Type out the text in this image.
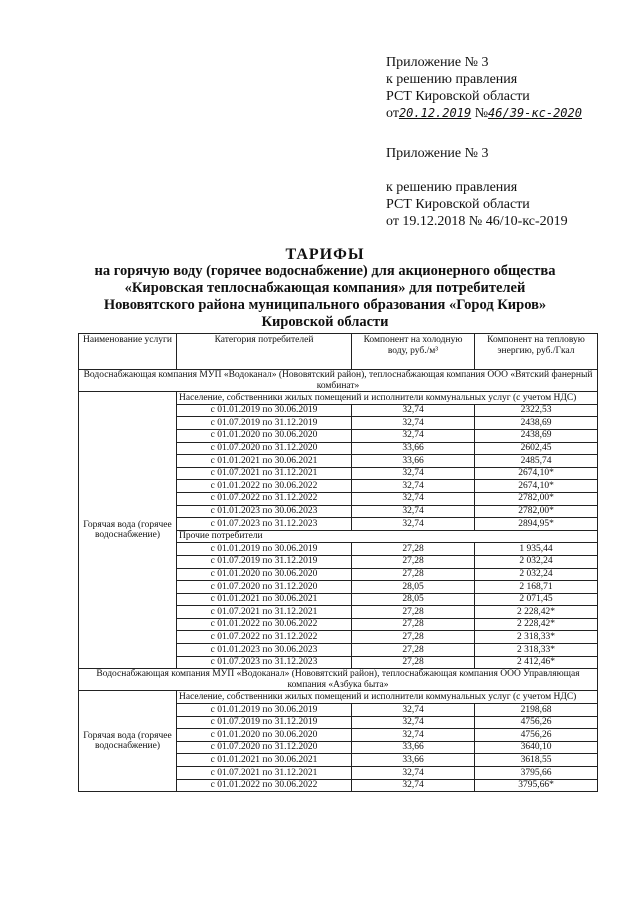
Приложение № 3
к решению правления
РСТ Кировской области
от20.12.2019 №46/39-кс-2020
Приложение № 3
к решению правления
РСТ Кировской области
от 19.12.2018 № 46/10-кс-2019
ТАРИФЫ
на горячую воду (горячее водоснабжение) для акционерного общества
«Кировская теплоснабжающая компания» для потребителей
Нововятского района муниципального образования «Город Киров»
Кировской области
Наименование услуги	Категория потребителей	Компонент на холодную воду, руб./м³	Компонент на тепловую энергию, руб./Гкал
Водоснабжающая компания МУП «Водоканал» (Нововятский район), теплоснабжающая компания ООО «Вятский фанерный комбинат»			
Горячая вода (горячее водоснабжение)	Население, собственники жилых помещений и исполнители коммунальных услуг (с учетом НДС)		
	с 01.01.2019 по 30.06.2019	32,74	2322,53
	с 01.07.2019 по 31.12.2019	32,74	2438,69
	с 01.01.2020 по 30.06.2020	32,74	2438,69
	с 01.07.2020 по 31.12.2020	33,66	2602,45
	с 01.01.2021 по 30.06.2021	33,66	2485,74
	с 01.07.2021 по 31.12.2021	32,74	2674,10*
	с 01.01.2022 по 30.06.2022	32,74	2674,10*
	с 01.07.2022 по 31.12.2022	32,74	2782,00*
	с 01.01.2023 по 30.06.2023	32,74	2782,00*
	с 01.07.2023 по 31.12.2023	32,74	2894,95*
	Прочие потребители		
	с 01.01.2019 по 30.06.2019	27,28	1 935,44
	с 01.07.2019 по 31.12.2019	27,28	2 032,24
	с 01.01.2020 по 30.06.2020	27,28	2 032,24
	с 01.07.2020 по 31.12.2020	28,05	2 168,71
	с 01.01.2021 по 30.06.2021	28,05	2 071,45
	с 01.07.2021 по 31.12.2021	27,28	2 228,42*
	с 01.01.2022 по 30.06.2022	27,28	2 228,42*
	с 01.07.2022 по 31.12.2022	27,28	2 318,33*
	с 01.01.2023 по 30.06.2023	27,28	2 318,33*
	с 01.07.2023 по 31.12.2023	27,28	2 412,46*
Водоснабжающая компания МУП «Водоканал» (Нововятский район), теплоснабжающая компания ООО Управляющая компания «Азбука быта»			
Горячая вода (горячее водоснабжение)	Население, собственники жилых помещений и исполнители коммунальных услуг (с учетом НДС)		
	с 01.01.2019 по 30.06.2019	32,74	2198,68
	с 01.07.2019 по 31.12.2019	32,74	4756,26
	с 01.01.2020 по 30.06.2020	32,74	4756,26
	с 01.07.2020 по 31.12.2020	33,66	3640,10
	с 01.01.2021 по 30.06.2021	33,66	3618,55
	с 01.07.2021 по 31.12.2021	32,74	3795,66
	с 01.01.2022 по 30.06.2022	32,74	3795,66*
